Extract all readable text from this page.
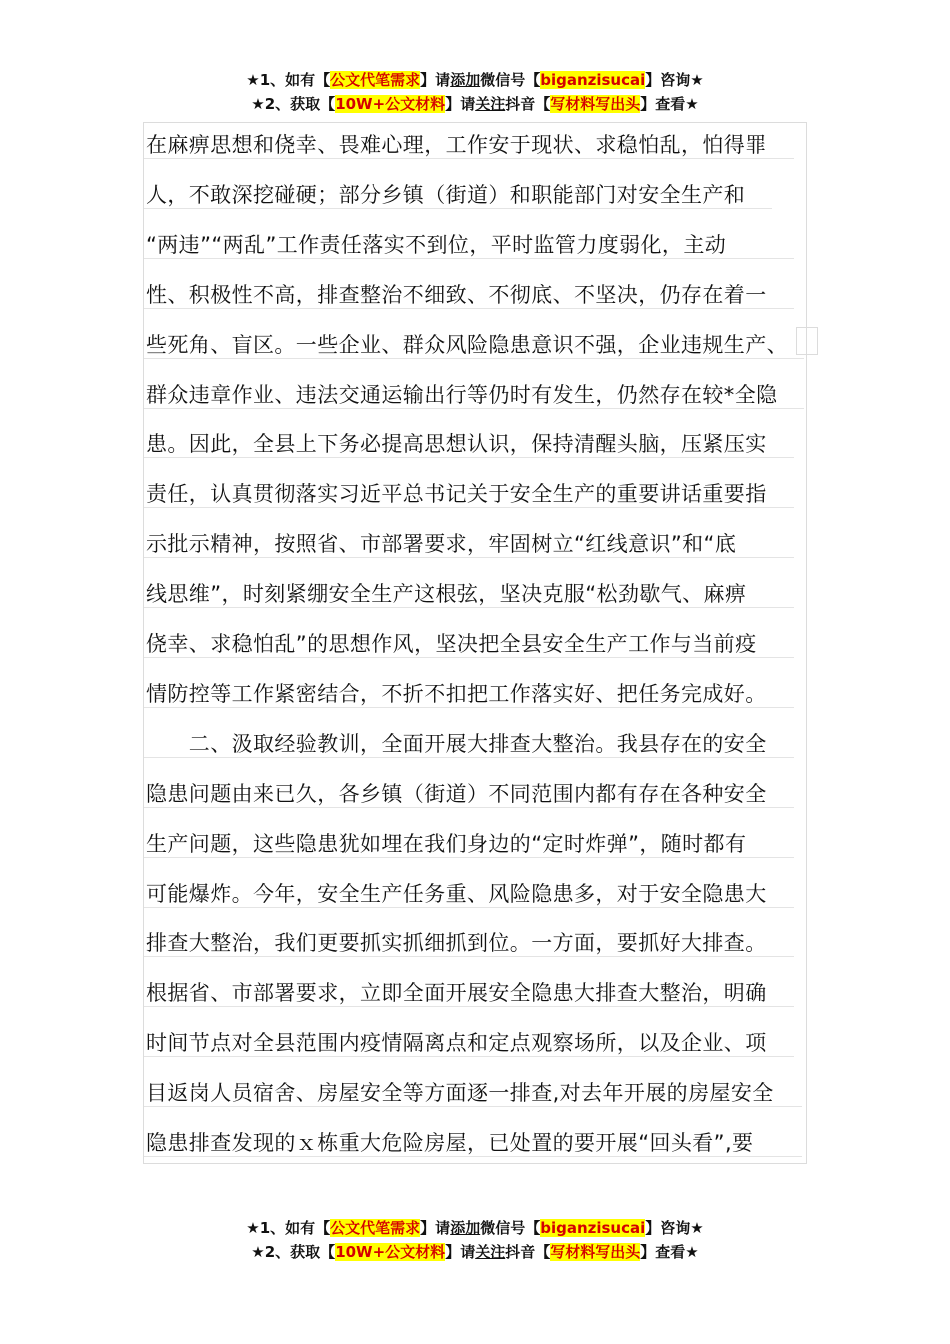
★1、如有【公文代笔需求】请添加微信号【biganzisucai】咨询★
★2、获取【10W+公文材料】请关注抖音【写材料写出头】查看★
在麻痹思想和侥幸、畏难心理，工作安于现状、求稳怕乱，怕得罪
人，不敢深挖碰硬；部分乡镇（街道）和职能部门对安全生产和
“两违”“两乱”工作责任落实不到位，平时监管力度弱化，主动
性、积极性不高，排查整治不细致、不彻底、不坚决，仍存在着一
些死角、盲区。一些企业、群众风险隐患意识不强，企业违规生产、
群众违章作业、违法交通运输出行等仍时有发生，仍然存在较*全隐
患。因此，全县上下务必提高思想认识，保持清醒头脑，压紧压实
责任，认真贯彻落实习近平总书记关于安全生产的重要讲话重要指
示批示精神，按照省、市部署要求，牢固树立“红线意识”和“底
线思维”，时刻紧绷安全生产这根弦，坚决克服“松劲歇气、麻痹
侥幸、求稳怕乱”的思想作风，坚决把全县安全生产工作与当前疫
情防控等工作紧密结合，不折不扣把工作落实好、把任务完成好。
　　二、汲取经验教训，全面开展大排查大整治。我县存在的安全
隐患问题由来已久，各乡镇（街道）不同范围内都有存在各种安全
生产问题，这些隐患犹如埋在我们身边的“定时炸弹”，随时都有
可能爆炸。今年，安全生产任务重、风险隐患多，对于安全隐患大
排查大整治，我们更要抓实抓细抓到位。一方面，要抓好大排查。
根据省、市部署要求，立即全面开展安全隐患大排查大整治，明确
时间节点对全县范围内疫情隔离点和定点观察场所，以及企业、项
目返岗人员宿舍、房屋安全等方面逐一排查,对去年开展的房屋安全
隐患排查发现的ｘ栋重大危险房屋，已处置的要开展“回头看”,要
★1、如有【公文代笔需求】请添加微信号【biganzisucai】咨询★
★2、获取【10W+公文材料】请关注抖音【写材料写出头】查看★
